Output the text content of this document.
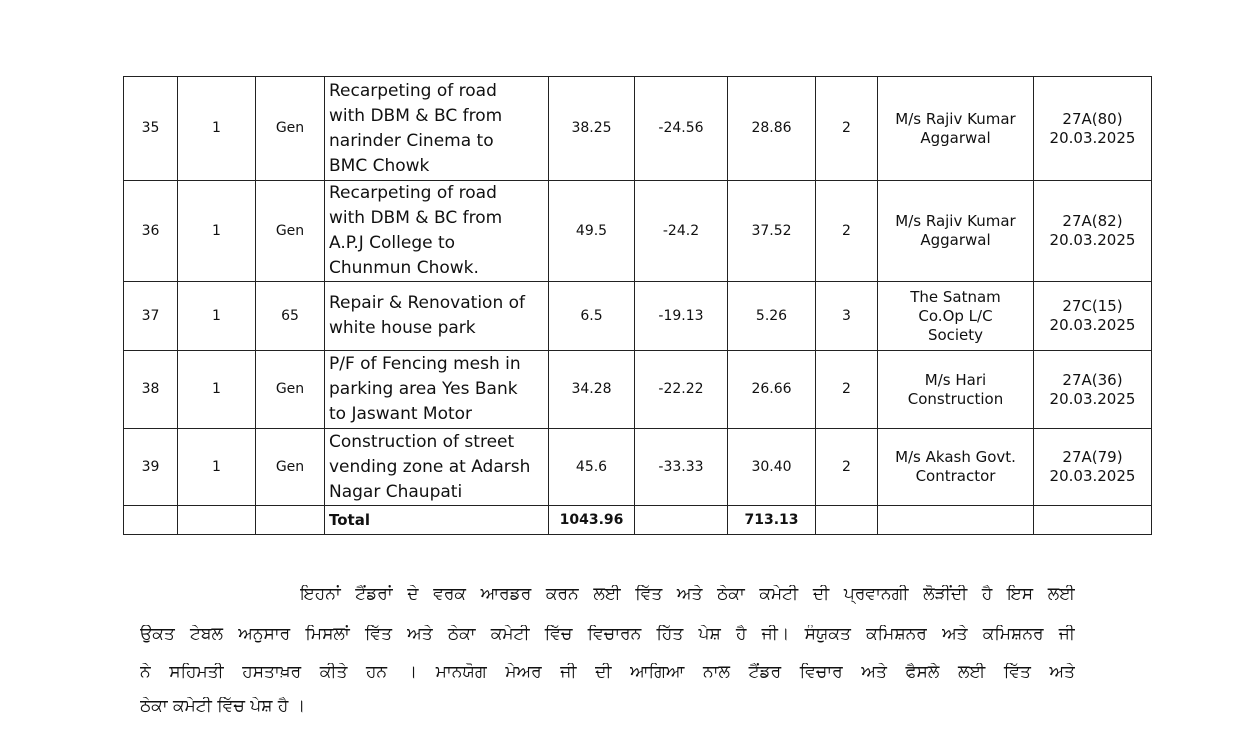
35	1	Gen	Recarpeting of road
with DBM & BC from
narinder Cinema to
BMC Chowk	38.25	-24.56	28.86	2	M/s Rajiv Kumar
Aggarwal	27A(80)
20.03.2025

36	1	Gen	Recarpeting of road
with DBM & BC from
A.P.J College to
Chunmun Chowk.	49.5	-24.2	37.52	2	M/s Rajiv Kumar
Aggarwal	27A(82)
20.03.2025

37	1	65	Repair & Renovation of
white house park	6.5	-19.13	5.26	3	The Satnam
Co.Op L/C
Society	27C(15)
20.03.2025

38	1	Gen	P/F of Fencing mesh in
parking area Yes Bank
to Jaswant Motor	34.28	-22.22	26.66	2	M/s Hari
Construction	27A(36)
20.03.2025

39	1	Gen	Construction of street
vending zone at Adarsh
Nagar Chaupati	45.6	-33.33	30.40	2	M/s Akash Govt.
Contractor	27A(79)
20.03.2025

			Total	1043.96		713.13			
ਇਹਨਾਂ ਟੈਂਡਰਾਂ ਦੇ ਵਰਕ ਆਰਡਰ ਕਰਨ ਲਈ ਵਿੱਤ ਅਤੇ ਠੇਕਾ ਕਮੇਟੀ ਦੀ ਪ੍ਰਵਾਨਗੀ ਲੋੜੀਂਦੀ ਹੈ ਇਸ ਲਈ
ਉਕਤ ਟੇਬਲ ਅਨੁਸਾਰ ਮਿਸਲਾਂ ਵਿੱਤ ਅਤੇ ਠੇਕਾ ਕਮੇਟੀ ਵਿੱਚ ਵਿਚਾਰਨ ਹਿੱਤ ਪੇਸ਼ ਹੈ ਜੀ। ਸੰਯੁਕਤ ਕਮਿਸ਼ਨਰ ਅਤੇ ਕਮਿਸ਼ਨਰ ਜੀ
ਨੇ ਸਹਿਮਤੀ ਹਸਤਾਖ਼ਰ ਕੀਤੇ ਹਨ । ਮਾਨਯੋਗ ਮੇਅਰ ਜੀ ਦੀ ਆਗਿਆ ਨਾਲ ਟੈਂਡਰ ਵਿਚਾਰ ਅਤੇ ਫੈਸਲੇ ਲਈ ਵਿੱਤ ਅਤੇ
ਠੇਕਾ ਕਮੇਟੀ ਵਿੱਚ ਪੇਸ਼ ਹੈ ।
